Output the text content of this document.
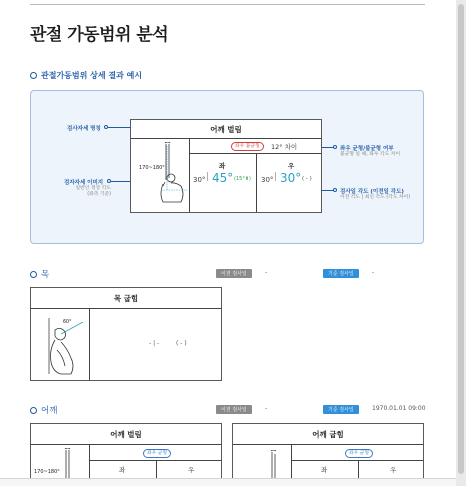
관절 가동범위 분석
관절가동범위 상세 결과 예시
검사자세 명칭
검자자세 이미지
일반인 정상 각도
(좌측 기준)
어깨 벌림
170~180°
좌우 불균형	12° 차이
좌	우
30° | 45° (15°⬆) 30° | 30° ( - )
좌우 균형/불균형 여부
불균형 일 때, 좌우 각도 차이
검사일 각도 (이전일 각도)
이전 각도 | 최신 각도 (각도 차이)
목	이전 검사일	-	기준 검사일	-
목 굽힘
60°
- | -	( - )
어깨	이전 검사일	-	기준 검사일	1970.01.01 09:00
어깨 벌림
좌우 균형
170~180°	좌	우
어깨 굽힘
좌우 균형
좌	우
